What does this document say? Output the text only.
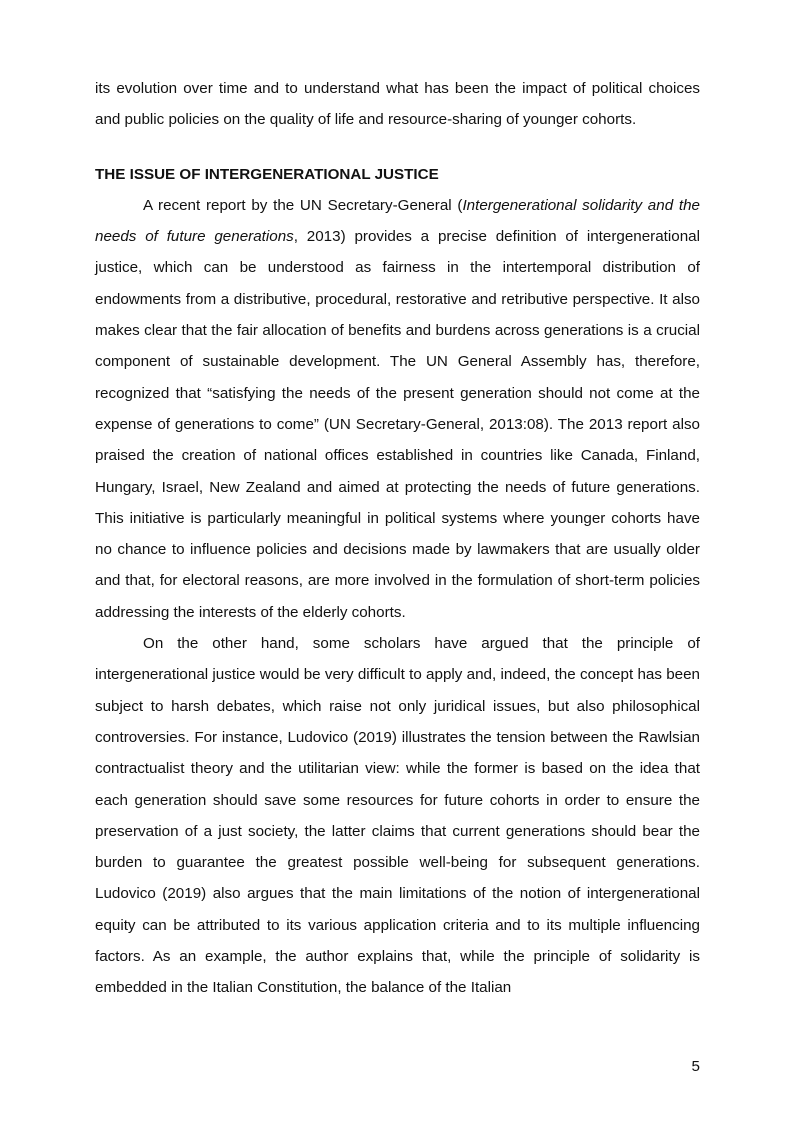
its evolution over time and to understand what has been the impact of political choices and public policies on the quality of life and resource-sharing of younger cohorts.

THE ISSUE OF INTERGENERATIONAL JUSTICE

A recent report by the UN Secretary-General (Intergenerational solidarity and the needs of future generations, 2013) provides a precise definition of intergenerational justice, which can be understood as fairness in the intertemporal distribution of endowments from a distributive, procedural, restorative and retributive perspective. It also makes clear that the fair allocation of benefits and burdens across generations is a crucial component of sustainable development. The UN General Assembly has, therefore, recognized that “satisfying the needs of the present generation should not come at the expense of generations to come” (UN Secretary-General, 2013:08). The 2013 report also praised the creation of national offices established in countries like Canada, Finland, Hungary, Israel, New Zealand and aimed at protecting the needs of future generations. This initiative is particularly meaningful in political systems where younger cohorts have no chance to influence policies and decisions made by lawmakers that are usually older and that, for electoral reasons, are more involved in the formulation of short-term policies addressing the interests of the elderly cohorts.

On the other hand, some scholars have argued that the principle of intergenerational justice would be very difficult to apply and, indeed, the concept has been subject to harsh debates, which raise not only juridical issues, but also philosophical controversies. For instance, Ludovico (2019) illustrates the tension between the Rawlsian contractualist theory and the utilitarian view: while the former is based on the idea that each generation should save some resources for future cohorts in order to ensure the preservation of a just society, the latter claims that current generations should bear the burden to guarantee the greatest possible well-being for subsequent generations. Ludovico (2019) also argues that the main limitations of the notion of intergenerational equity can be attributed to its various application criteria and to its multiple influencing factors. As an example, the author explains that, while the principle of solidarity is embedded in the Italian Constitution, the balance of the Italian

5
